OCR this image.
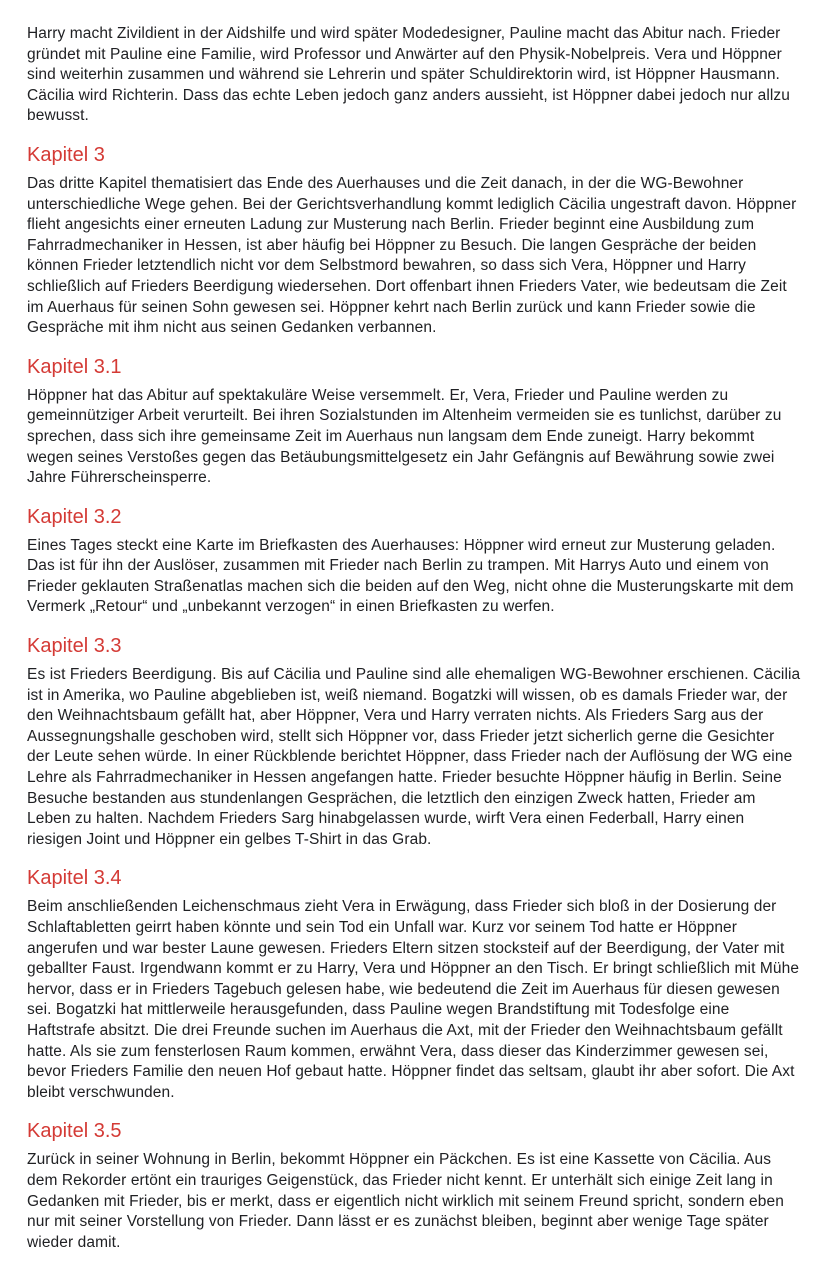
Harry macht Zivildient in der Aidshilfe und wird später Modedesigner, Pauline macht das Abitur nach. Frieder gründet mit Pauline eine Familie, wird Professor und Anwärter auf den Physik-Nobelpreis. Vera und Höppner sind weiterhin zusammen und während sie Lehrerin und später Schuldirektorin wird, ist Höppner Hausmann. Cäcilia wird Richterin. Dass das echte Leben jedoch ganz anders aussieht, ist Höppner dabei jedoch nur allzu bewusst.

Kapitel 3

Das dritte Kapitel thematisiert das Ende des Auerhauses und die Zeit danach, in der die WG-Bewohner unterschiedliche Wege gehen. Bei der Gerichtsverhandlung kommt lediglich Cäcilia ungestraft davon. Höppner flieht angesichts einer erneuten Ladung zur Musterung nach Berlin. Frieder beginnt eine Ausbildung zum Fahrradmechaniker in Hessen, ist aber häufig bei Höppner zu Besuch. Die langen Gespräche der beiden können Frieder letztendlich nicht vor dem Selbstmord bewahren, so dass sich Vera, Höppner und Harry schließlich auf Frieders Beerdigung wiedersehen. Dort offenbart ihnen Frieders Vater, wie bedeutsam die Zeit im Auerhaus für seinen Sohn gewesen sei. Höppner kehrt nach Berlin zurück und kann Frieder sowie die Gespräche mit ihm nicht aus seinen Gedanken verbannen.

Kapitel 3.1

Höppner hat das Abitur auf spektakuläre Weise versemmelt. Er, Vera, Frieder und Pauline werden zu gemeinnütziger Arbeit verurteilt. Bei ihren Sozialstunden im Altenheim vermeiden sie es tunlichst, darüber zu sprechen, dass sich ihre gemeinsame Zeit im Auerhaus nun langsam dem Ende zuneigt. Harry bekommt wegen seines Verstoßes gegen das Betäubungsmittelgesetz ein Jahr Gefängnis auf Bewährung sowie zwei Jahre Führerscheinsperre.

Kapitel 3.2

Eines Tages steckt eine Karte im Briefkasten des Auerhauses: Höppner wird erneut zur Musterung geladen. Das ist für ihn der Auslöser, zusammen mit Frieder nach Berlin zu trampen. Mit Harrys Auto und einem von Frieder geklauten Straßenatlas machen sich die beiden auf den Weg, nicht ohne die Musterungskarte mit dem Vermerk „Retour“ und „unbekannt verzogen“ in einen Briefkasten zu werfen.

Kapitel 3.3

Es ist Frieders Beerdigung. Bis auf Cäcilia und Pauline sind alle ehemaligen WG-Bewohner erschienen. Cäcilia ist in Amerika, wo Pauline abgeblieben ist, weiß niemand. Bogatzki will wissen, ob es damals Frieder war, der den Weihnachtsbaum gefällt hat, aber Höppner, Vera und Harry verraten nichts. Als Frieders Sarg aus der Aussegnungshalle geschoben wird, stellt sich Höppner vor, dass Frieder jetzt sicherlich gerne die Gesichter der Leute sehen würde. In einer Rückblende berichtet Höppner, dass Frieder nach der Auflösung der WG eine Lehre als Fahrradmechaniker in Hessen angefangen hatte. Frieder besuchte Höppner häufig in Berlin. Seine Besuche bestanden aus stundenlangen Gesprächen, die letztlich den einzigen Zweck hatten, Frieder am Leben zu halten. Nachdem Frieders Sarg hinabgelassen wurde, wirft Vera einen Federball, Harry einen riesigen Joint und Höppner ein gelbes T-Shirt in das Grab.

Kapitel 3.4

Beim anschließenden Leichenschmaus zieht Vera in Erwägung, dass Frieder sich bloß in der Dosierung der Schlaftabletten geirrt haben könnte und sein Tod ein Unfall war. Kurz vor seinem Tod hatte er Höppner angerufen und war bester Laune gewesen. Frieders Eltern sitzen stocksteif auf der Beerdigung, der Vater mit geballter Faust. Irgendwann kommt er zu Harry, Vera und Höppner an den Tisch. Er bringt schließlich mit Mühe hervor, dass er in Frieders Tagebuch gelesen habe, wie bedeutend die Zeit im Auerhaus für diesen gewesen sei. Bogatzki hat mittlerweile herausgefunden, dass Pauline wegen Brandstiftung mit Todesfolge eine Haftstrafe absitzt. Die drei Freunde suchen im Auerhaus die Axt, mit der Frieder den Weihnachtsbaum gefällt hatte. Als sie zum fensterlosen Raum kommen, erwähnt Vera, dass dieser das Kinderzimmer gewesen sei, bevor Frieders Familie den neuen Hof gebaut hatte. Höppner findet das seltsam, glaubt ihr aber sofort. Die Axt bleibt verschwunden.

Kapitel 3.5

Zurück in seiner Wohnung in Berlin, bekommt Höppner ein Päckchen. Es ist eine Kassette von Cäcilia. Aus dem Rekorder ertönt ein trauriges Geigenstück, das Frieder nicht kennt. Er unterhält sich einige Zeit lang in Gedanken mit Frieder, bis er merkt, dass er eigentlich nicht wirklich mit seinem Freund spricht, sondern eben nur mit seiner Vorstellung von Frieder. Dann lässt er es zunächst bleiben, beginnt aber wenige Tage später wieder damit.
